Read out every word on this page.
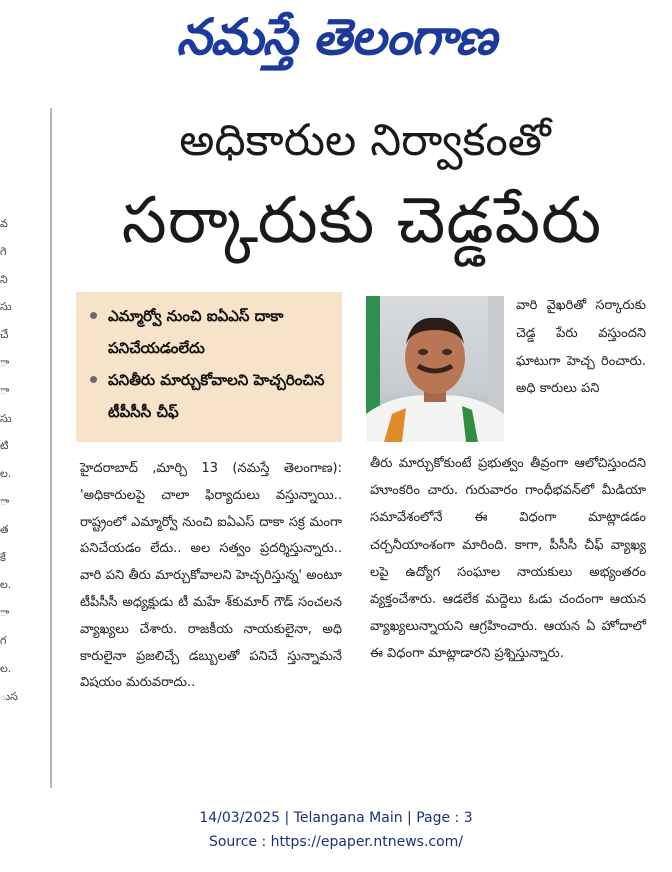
నమస్తే తెలంగాణ
వ
గె
ని
సు
చే
ా
ా
సు
టి
ల.
ా
త
కే
ల.
ా
గ
ల.
ుస
అధికారుల నిర్వాకంతో
సర్కారుకు చెడ్డపేరు
ఎమ్మార్వో నుంచి ఐఏఎస్ దాకా పనిచేయడంలేదు
పనితీరు మార్చుకోవాలని హెచ్చరించిన టీపీసీసీ చీఫ్
వారి వైఖరితో సర్కారుకు చెడ్డ పేరు వస్తుందని ఘాటుగా హెచ్చ రించారు. అధి కారులు పని
హైదరాబాద్ ,మార్చి 13 (నమస్తే తెలంగాణ): 'అధికారులపై చాలా ఫిర్యాదులు వస్తున్నాయి.. రాష్ట్రంలో ఎమ్మార్వో నుంచి ఐఏఎస్ దాకా సక్ర మంగా పనిచేయడం లేదు.. అల సత్వం ప్రదర్శిస్తున్నారు.. వారి పని తీరు మార్చుకోవాలని హెచ్చరిస్తున్న' అంటూ టీపీసీసీ అధ్యక్షుడు టీ మహే శ్‌కుమార్ గౌడ్ సంచలన వ్యాఖ్యలు చేశారు. రాజకీయ నాయకులైనా, అధి కారులైనా ప్రజలిచ్చే డబ్బులతో పనిచే స్తున్నామనే విషయం మరువరాదు..
తీరు మార్చుకోకుంటే ప్రభుత్వం తీవ్రంగా ఆలోచిస్తుందని హూంకరిం చారు. గురువారం గాంధీభవన్‌లో మీడియా సమావేశంలోనే ఈ విధంగా మాట్లాడడం చర్చనీయాంశంగా మారింది. కాగా, పీసీసీ చీఫ్ వ్యాఖ్య లపై ఉద్యోగ సంఘాల నాయకులు అభ్యంతరం వ్యక్తంచేశారు. ఆడలేక మద్దెలు ఓడు చందంగా ఆయన వ్యాఖ్యలున్నాయని ఆగ్రహించారు. ఆయన ఏ హోదాలో ఈ విధంగా మాట్లాడారని ప్రశ్నిస్తున్నారు.
14/03/2025 | Telangana Main | Page : 3
Source : https://epaper.ntnews.com/
